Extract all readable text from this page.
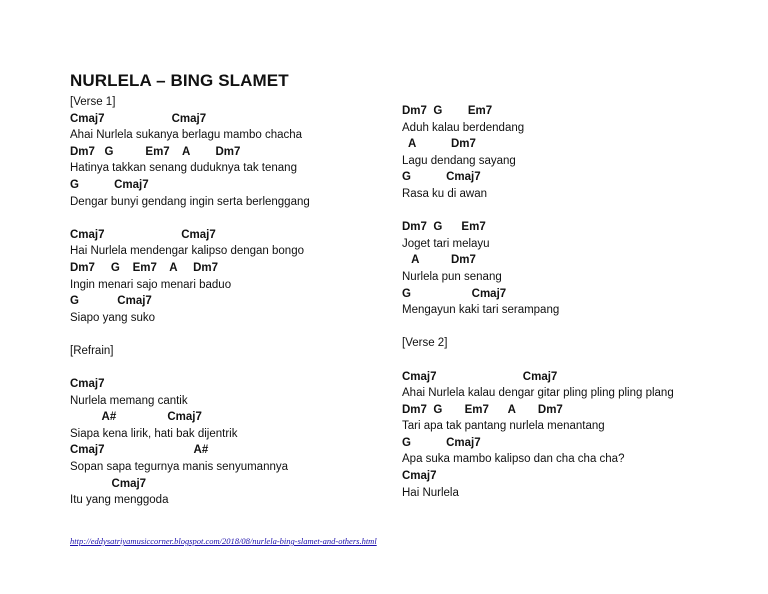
NURLELA – BING SLAMET
[Verse 1]
Cmaj7                     Cmaj7
Ahai Nurlela sukanya berlagu mambo chacha
Dm7   G          Em7    A        Dm7
Hatinya takkan senang duduknya tak tenang
G           Cmaj7
Dengar bunyi gendang ingin serta berlenggang
Cmaj7                        Cmaj7
Hai Nurlela mendengar kalipso dengan bongo
Dm7     G    Em7    A     Dm7
Ingin menari sajo menari baduo
G            Cmaj7
Siapo yang suko
[Refrain]
Cmaj7
Nurlela memang cantik
A#                Cmaj7
Siapa kena lirik, hati bak dijentrik
Cmaj7                            A#
Sopan sapa tegurnya manis senyumannya
Cmaj7
Itu yang menggoda
Dm7  G        Em7
Aduh kalau berdendang
A           Dm7
Lagu dendang sayang
G           Cmaj7
Rasa ku di awan
Dm7  G      Em7
Joget tari melayu
A          Dm7
Nurlela pun senang
G                   Cmaj7
Mengayun kaki tari serampang
[Verse 2]
Cmaj7                           Cmaj7
Ahai Nurlela kalau dengar gitar pling pling pling plang
Dm7  G       Em7      A       Dm7
Tari apa tak pantang nurlela menantang
G           Cmaj7
Apa suka mambo kalipso dan cha cha cha?
Cmaj7
Hai Nurlela
http://eddysatriyamusiccorner.blogspot.com/2018/08/nurlela-bing-slamet-and-others.html
